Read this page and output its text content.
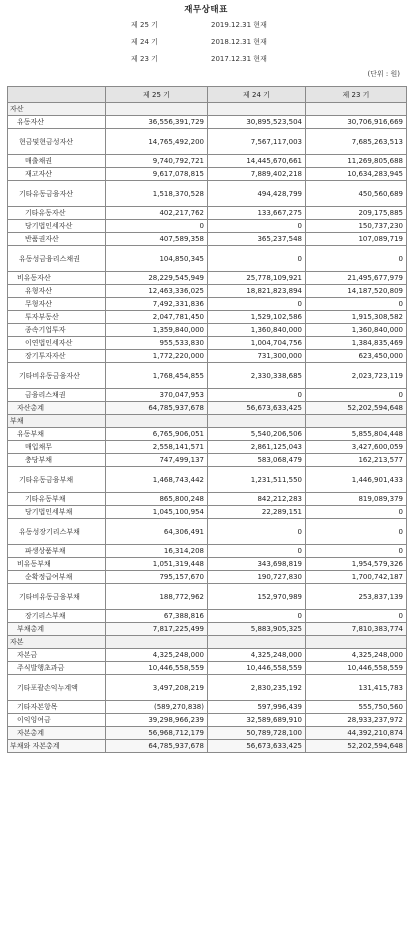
재무상태표
제 25 기	2019.12.31 현재
제 24 기	2018.12.31 현재
제 23 기	2017.12.31 현재
(단위 : 원)
	제 25 기	제 24 기	제 23 기
자산			
유동자산	36,556,391,729	30,895,523,504	30,706,916,669
현금및현금성자산	14,765,492,200	7,567,117,003	7,685,263,513
매출채권	9,740,792,721	14,445,670,661	11,269,805,688
재고자산	9,617,078,815	7,889,402,218	10,634,283,945
기타유동금융자산	1,518,370,528	494,428,799	450,560,689
기타유동자산	402,217,762	133,667,275	209,175,885
당기법인세자산	0	0	150,737,230
반품권자산	407,589,358	365,237,548	107,089,719
유동성금융리스채권	104,850,345	0	0
비유동자산	28,229,545,949	25,778,109,921	21,495,677,979
유형자산	12,463,336,025	18,821,823,894	14,187,520,809
무형자산	7,492,331,836	0	0
투자부동산	2,047,781,450	1,529,102,586	1,915,308,582
종속기업투자	1,359,840,000	1,360,840,000	1,360,840,000
이연법인세자산	955,533,830	1,004,704,756	1,384,835,469
장기투자자산	1,772,220,000	731,300,000	623,450,000
기타비유동금융자산	1,768,454,855	2,330,338,685	2,023,723,119
금융리스채권	370,047,953	0	0
자산총계	64,785,937,678	56,673,633,425	52,202,594,648
부채			
유동부채	6,765,906,051	5,540,206,506	5,855,804,448
매입채무	2,558,141,571	2,861,125,043	3,427,600,059
충당부채	747,499,137	583,068,479	162,213,577
기타유동금융부채	1,468,743,442	1,231,511,550	1,446,901,433
기타유동부채	865,800,248	842,212,283	819,089,379
당기법인세부채	1,045,100,954	22,289,151	0
유동성장기리스부채	64,306,491	0	0
파생상품부채	16,314,208	0	0
비유동부채	1,051,319,448	343,698,819	1,954,579,326
순확정급여부채	795,157,670	190,727,830	1,700,742,187
기타비유동금융부채	188,772,962	152,970,989	253,837,139
장기리스부채	67,388,816	0	0
부채총계	7,817,225,499	5,883,905,325	7,810,383,774
자본			
자본금	4,325,248,000	4,325,248,000	4,325,248,000
주식발행초과금	10,446,558,559	10,446,558,559	10,446,558,559
기타포괄손익누계액	3,497,208,219	2,830,235,192	131,415,783
기타자본항목	(589,270,838)	597,996,439	555,750,560
이익잉여금	39,298,966,239	32,589,689,910	28,933,237,972
자본총계	56,968,712,179	50,789,728,100	44,392,210,874
부채와 자본총계	64,785,937,678	56,673,633,425	52,202,594,648
